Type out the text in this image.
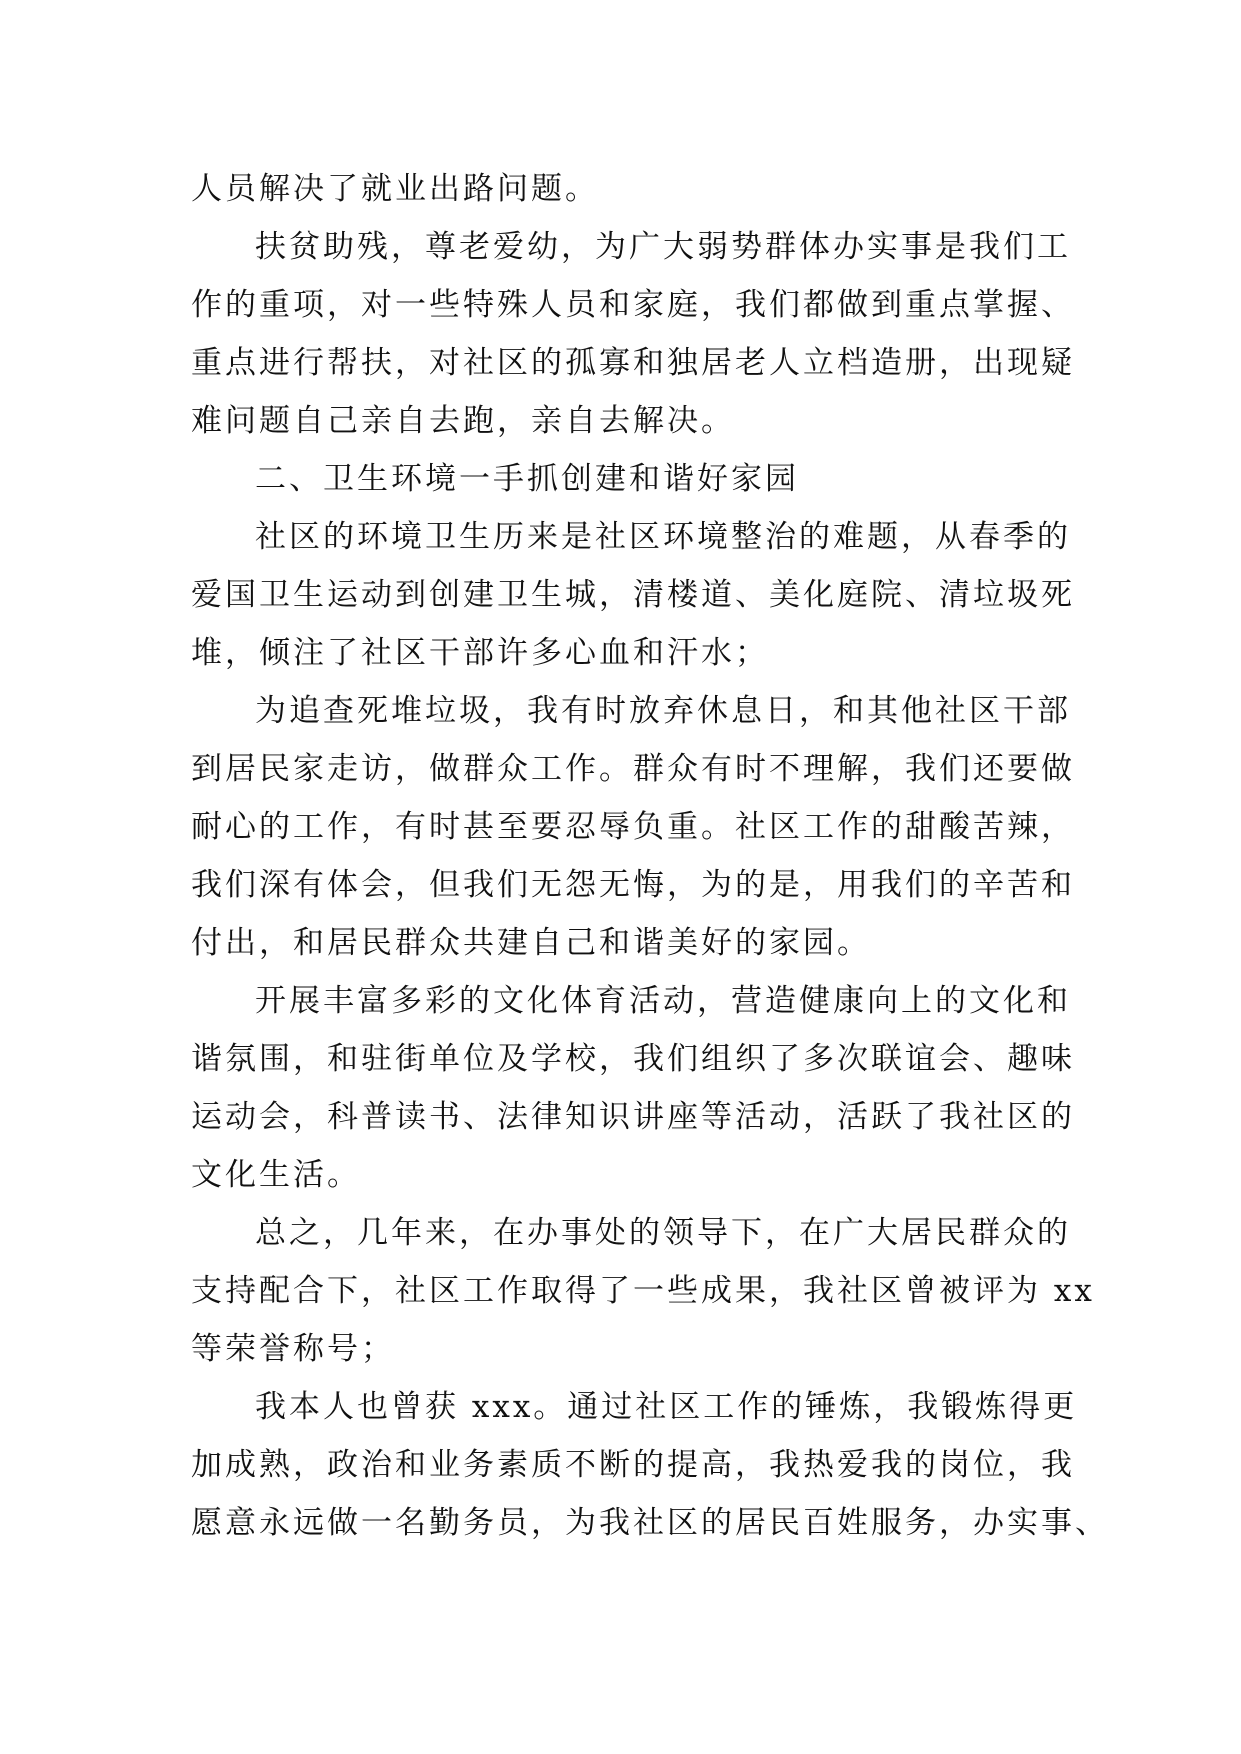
人员解决了就业出路问题。
扶贫助残，尊老爱幼，为广大弱势群体办实事是我们工
作的重项，对一些特殊人员和家庭，我们都做到重点掌握、
重点进行帮扶，对社区的孤寡和独居老人立档造册，出现疑
难问题自己亲自去跑，亲自去解决。
二、卫生环境一手抓创建和谐好家园
社区的环境卫生历来是社区环境整治的难题，从春季的
爱国卫生运动到创建卫生城，清楼道、美化庭院、清垃圾死
堆，倾注了社区干部许多心血和汗水；
为追查死堆垃圾，我有时放弃休息日，和其他社区干部
到居民家走访，做群众工作。群众有时不理解，我们还要做
耐心的工作，有时甚至要忍辱负重。社区工作的甜酸苦辣，
我们深有体会，但我们无怨无悔，为的是，用我们的辛苦和
付出，和居民群众共建自己和谐美好的家园。
开展丰富多彩的文化体育活动，营造健康向上的文化和
谐氛围，和驻街单位及学校，我们组织了多次联谊会、趣味
运动会，科普读书、法律知识讲座等活动，活跃了我社区的
文化生活。
总之，几年来，在办事处的领导下，在广大居民群众的
支持配合下，社区工作取得了一些成果，我社区曾被评为 xx
等荣誉称号；
我本人也曾获 xxx。通过社区工作的锤炼，我锻炼得更
加成熟，政治和业务素质不断的提高，我热爱我的岗位，我
愿意永远做一名勤务员，为我社区的居民百姓服务，办实事、
